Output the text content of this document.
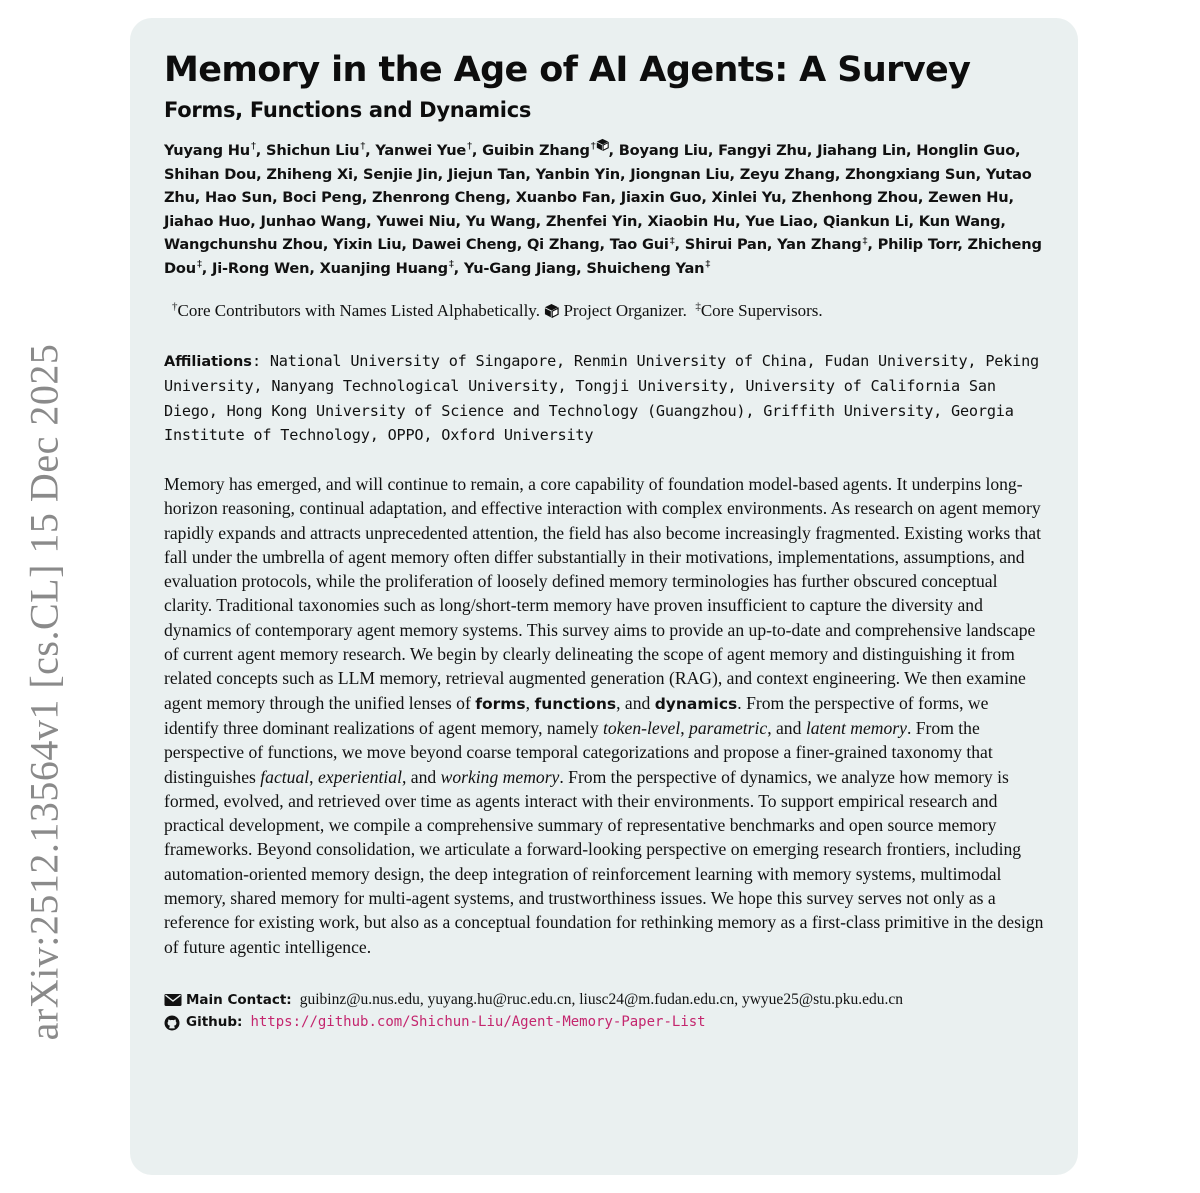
arXiv:2512.13564v1 [cs.CL] 15 Dec 2025
Memory in the Age of AI Agents: A Survey
Forms, Functions and Dynamics
Yuyang Hu†, Shichun Liu†, Yanwei Yue†, Guibin Zhang† , Boyang Liu, Fangyi Zhu, Jiahang Lin, Honglin Guo, Shihan Dou, Zhiheng Xi, Senjie Jin, Jiejun Tan, Yanbin Yin, Jiongnan Liu, Zeyu Zhang, Zhongxiang Sun, Yutao Zhu, Hao Sun, Boci Peng, Zhenrong Cheng, Xuanbo Fan, Jiaxin Guo, Xinlei Yu, Zhenhong Zhou, Zewen Hu, Jiahao Huo, Junhao Wang, Yuwei Niu, Yu Wang, Zhenfei Yin, Xiaobin Hu, Yue Liao, Qiankun Li, Kun Wang, Wangchunshu Zhou, Yixin Liu, Dawei Cheng, Qi Zhang, Tao Gui‡, Shirui Pan, Yan Zhang‡, Philip Torr, Zhicheng Dou‡, Ji-Rong Wen, Xuanjing Huang‡, Yu-Gang Jiang, Shuicheng Yan‡
†Core Contributors with Names Listed Alphabetically. Project Organizer. ‡Core Supervisors.
Affiliations: National University of Singapore, Renmin University of China, Fudan University, Peking University, Nanyang Technological University, Tongji University, University of California San Diego, Hong Kong University of Science and Technology (Guangzhou), Griffith University, Georgia Institute of Technology, OPPO, Oxford University
Memory has emerged, and will continue to remain, a core capability of foundation model-based agents. It underpins long-horizon reasoning, continual adaptation, and effective interaction with complex environments. As research on agent memory rapidly expands and attracts unprecedented attention, the field has also become increasingly fragmented. Existing works that fall under the umbrella of agent memory often differ substantially in their motivations, implementations, assumptions, and evaluation protocols, while the proliferation of loosely defined memory terminologies has further obscured conceptual clarity. Traditional taxonomies such as long/short-term memory have proven insufficient to capture the diversity and dynamics of contemporary agent memory systems. This survey aims to provide an up-to-date and comprehensive landscape of current agent memory research. We begin by clearly delineating the scope of agent memory and distinguishing it from related concepts such as LLM memory, retrieval augmented generation (RAG), and context engineering. We then examine agent memory through the unified lenses of forms, functions, and dynamics. From the perspective of forms, we identify three dominant realizations of agent memory, namely token-level, parametric, and latent memory. From the perspective of functions, we move beyond coarse temporal categorizations and propose a finer-grained taxonomy that distinguishes factual, experiential, and working memory. From the perspective of dynamics, we analyze how memory is formed, evolved, and retrieved over time as agents interact with their environments. To support empirical research and practical development, we compile a comprehensive summary of representative benchmarks and open source memory frameworks. Beyond consolidation, we articulate a forward-looking perspective on emerging research frontiers, including automation-oriented memory design, the deep integration of reinforcement learning with memory systems, multimodal memory, shared memory for multi-agent systems, and trustworthiness issues. We hope this survey serves not only as a reference for existing work, but also as a conceptual foundation for rethinking memory as a first-class primitive in the design of future agentic intelligence.
Main Contact: guibinz@u.nus.edu, yuyang.hu@ruc.edu.cn, liusc24@m.fudan.edu.cn, ywyue25@stu.pku.edu.cn
Github: https://github.com/Shichun-Liu/Agent-Memory-Paper-List
